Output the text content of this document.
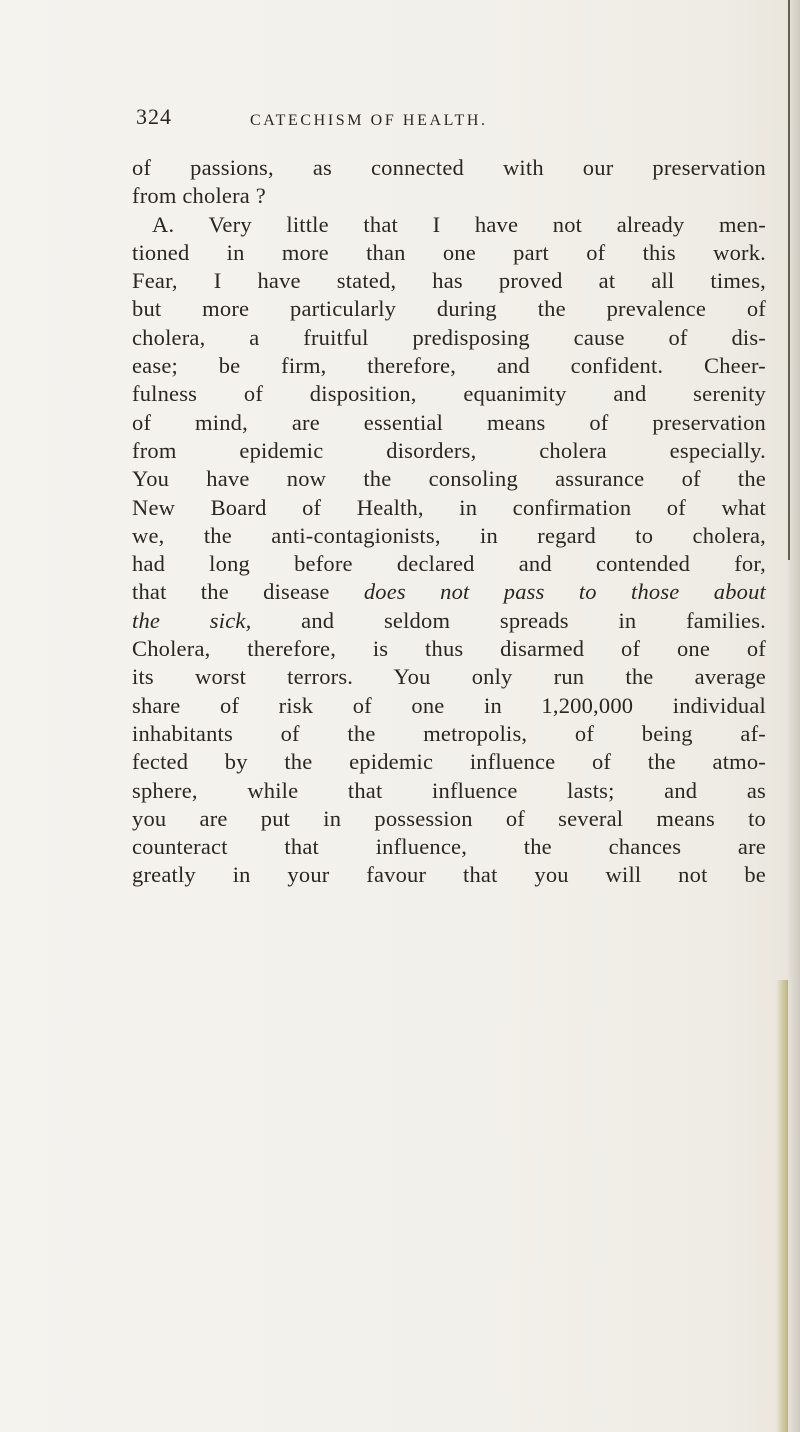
324	CATECHISM OF HEALTH.
of passions, as connected with our preservation
from cholera ?
A. Very little that I have not already men-
tioned in more than one part of this work.
Fear, I have stated, has proved at all times,
but more particularly during the prevalence of
cholera, a fruitful predisposing cause of dis-
ease; be firm, therefore, and confident. Cheer-
fulness of disposition, equanimity and serenity
of mind, are essential means of preservation
from epidemic disorders, cholera especially.
You have now the consoling assurance of the
New Board of Health, in confirmation of what
we, the anti-contagionists, in regard to cholera,
had long before declared and contended for,
that the disease does not pass to those about
the sick, and seldom spreads in families.
Cholera, therefore, is thus disarmed of one of
its worst terrors. You only run the average
share of risk of one in 1,200,000 individual
inhabitants of the metropolis, of being af-
fected by the epidemic influence of the atmo-
sphere, while that influence lasts; and as
you are put in possession of several means to
counteract that influence, the chances are
greatly in your favour that you will not be
